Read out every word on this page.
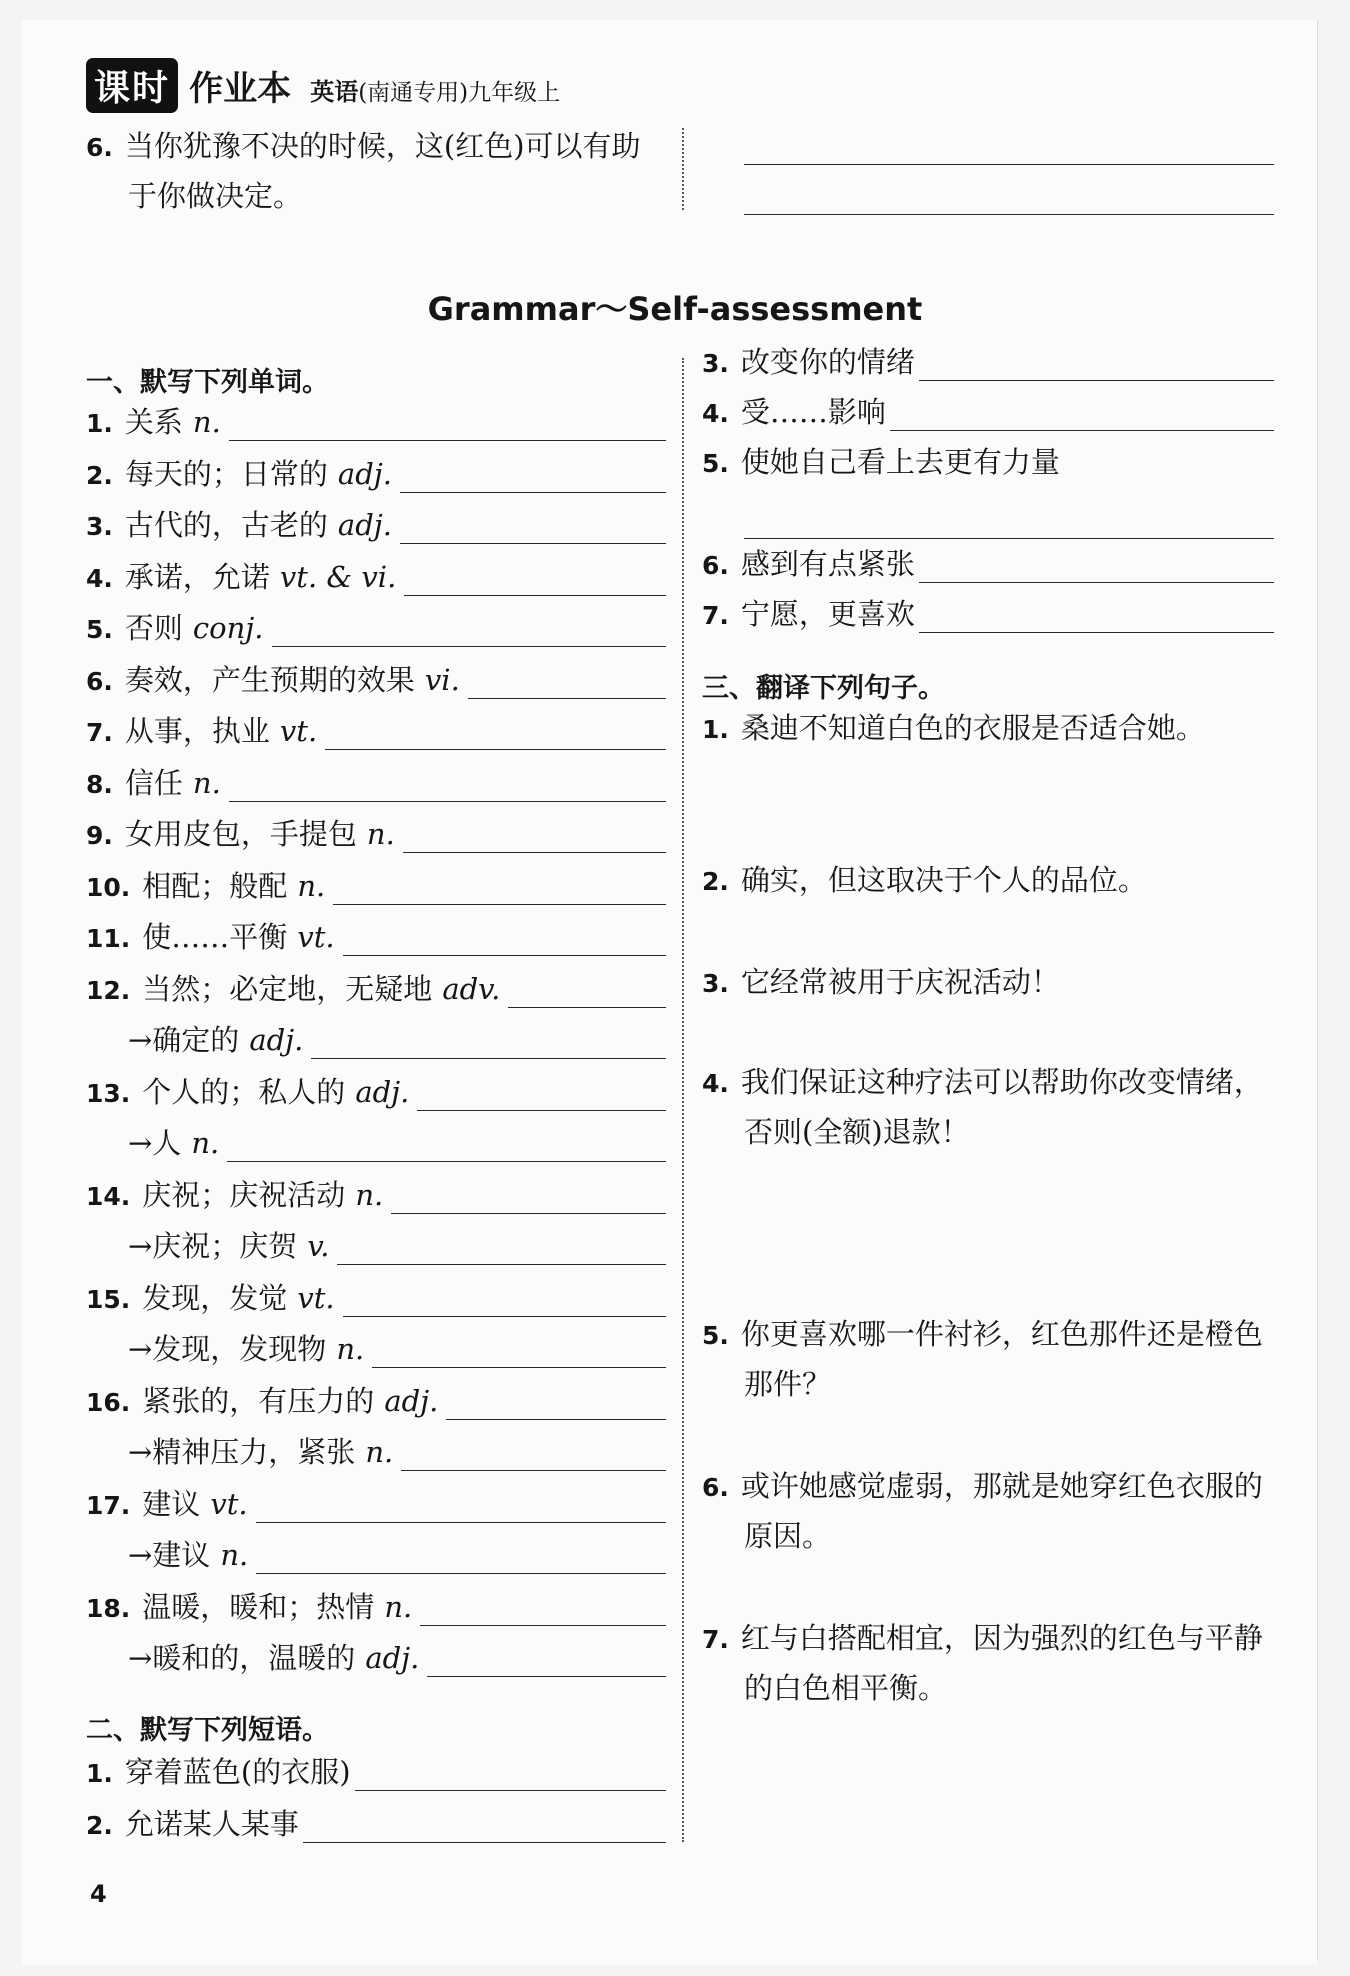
课时 作业本 英语(南通专用)九年级上
6. 当你犹豫不决的时候，这(红色)可以有助
于你做决定。
Grammar～Self-assessment
一、默写下列单词。
1. 关系 n.
2. 每天的；日常的 adj.
3. 古代的，古老的 adj.
4. 承诺，允诺 vt. & vi.
5. 否则 conj.
6. 奏效，产生预期的效果 vi.
7. 从事，执业 vt.
8. 信任 n.
9. 女用皮包，手提包 n.
10. 相配；般配 n.
11. 使……平衡 vt.
12. 当然；必定地，无疑地 adv.
→确定的 adj.
13. 个人的；私人的 adj.
→人 n.
14. 庆祝；庆祝活动 n.
→庆祝；庆贺 v.
15. 发现，发觉 vt.
→发现，发现物 n.
16. 紧张的，有压力的 adj.
→精神压力，紧张 n.
17. 建议 vt.
→建议 n.
18. 温暖，暖和；热情 n.
→暖和的，温暖的 adj.
二、默写下列短语。
1. 穿着蓝色(的衣服)
2. 允诺某人某事
3. 改变你的情绪
4. 受……影响
5. 使她自己看上去更有力量
6. 感到有点紧张
7. 宁愿，更喜欢
三、翻译下列句子。
1. 桑迪不知道白色的衣服是否适合她。
2. 确实，但这取决于个人的品位。
3. 它经常被用于庆祝活动！
4. 我们保证这种疗法可以帮助你改变情绪，
否则(全额)退款！
5. 你更喜欢哪一件衬衫，红色那件还是橙色
那件？
6. 或许她感觉虚弱，那就是她穿红色衣服的
原因。
7. 红与白搭配相宜，因为强烈的红色与平静
的白色相平衡。
4
